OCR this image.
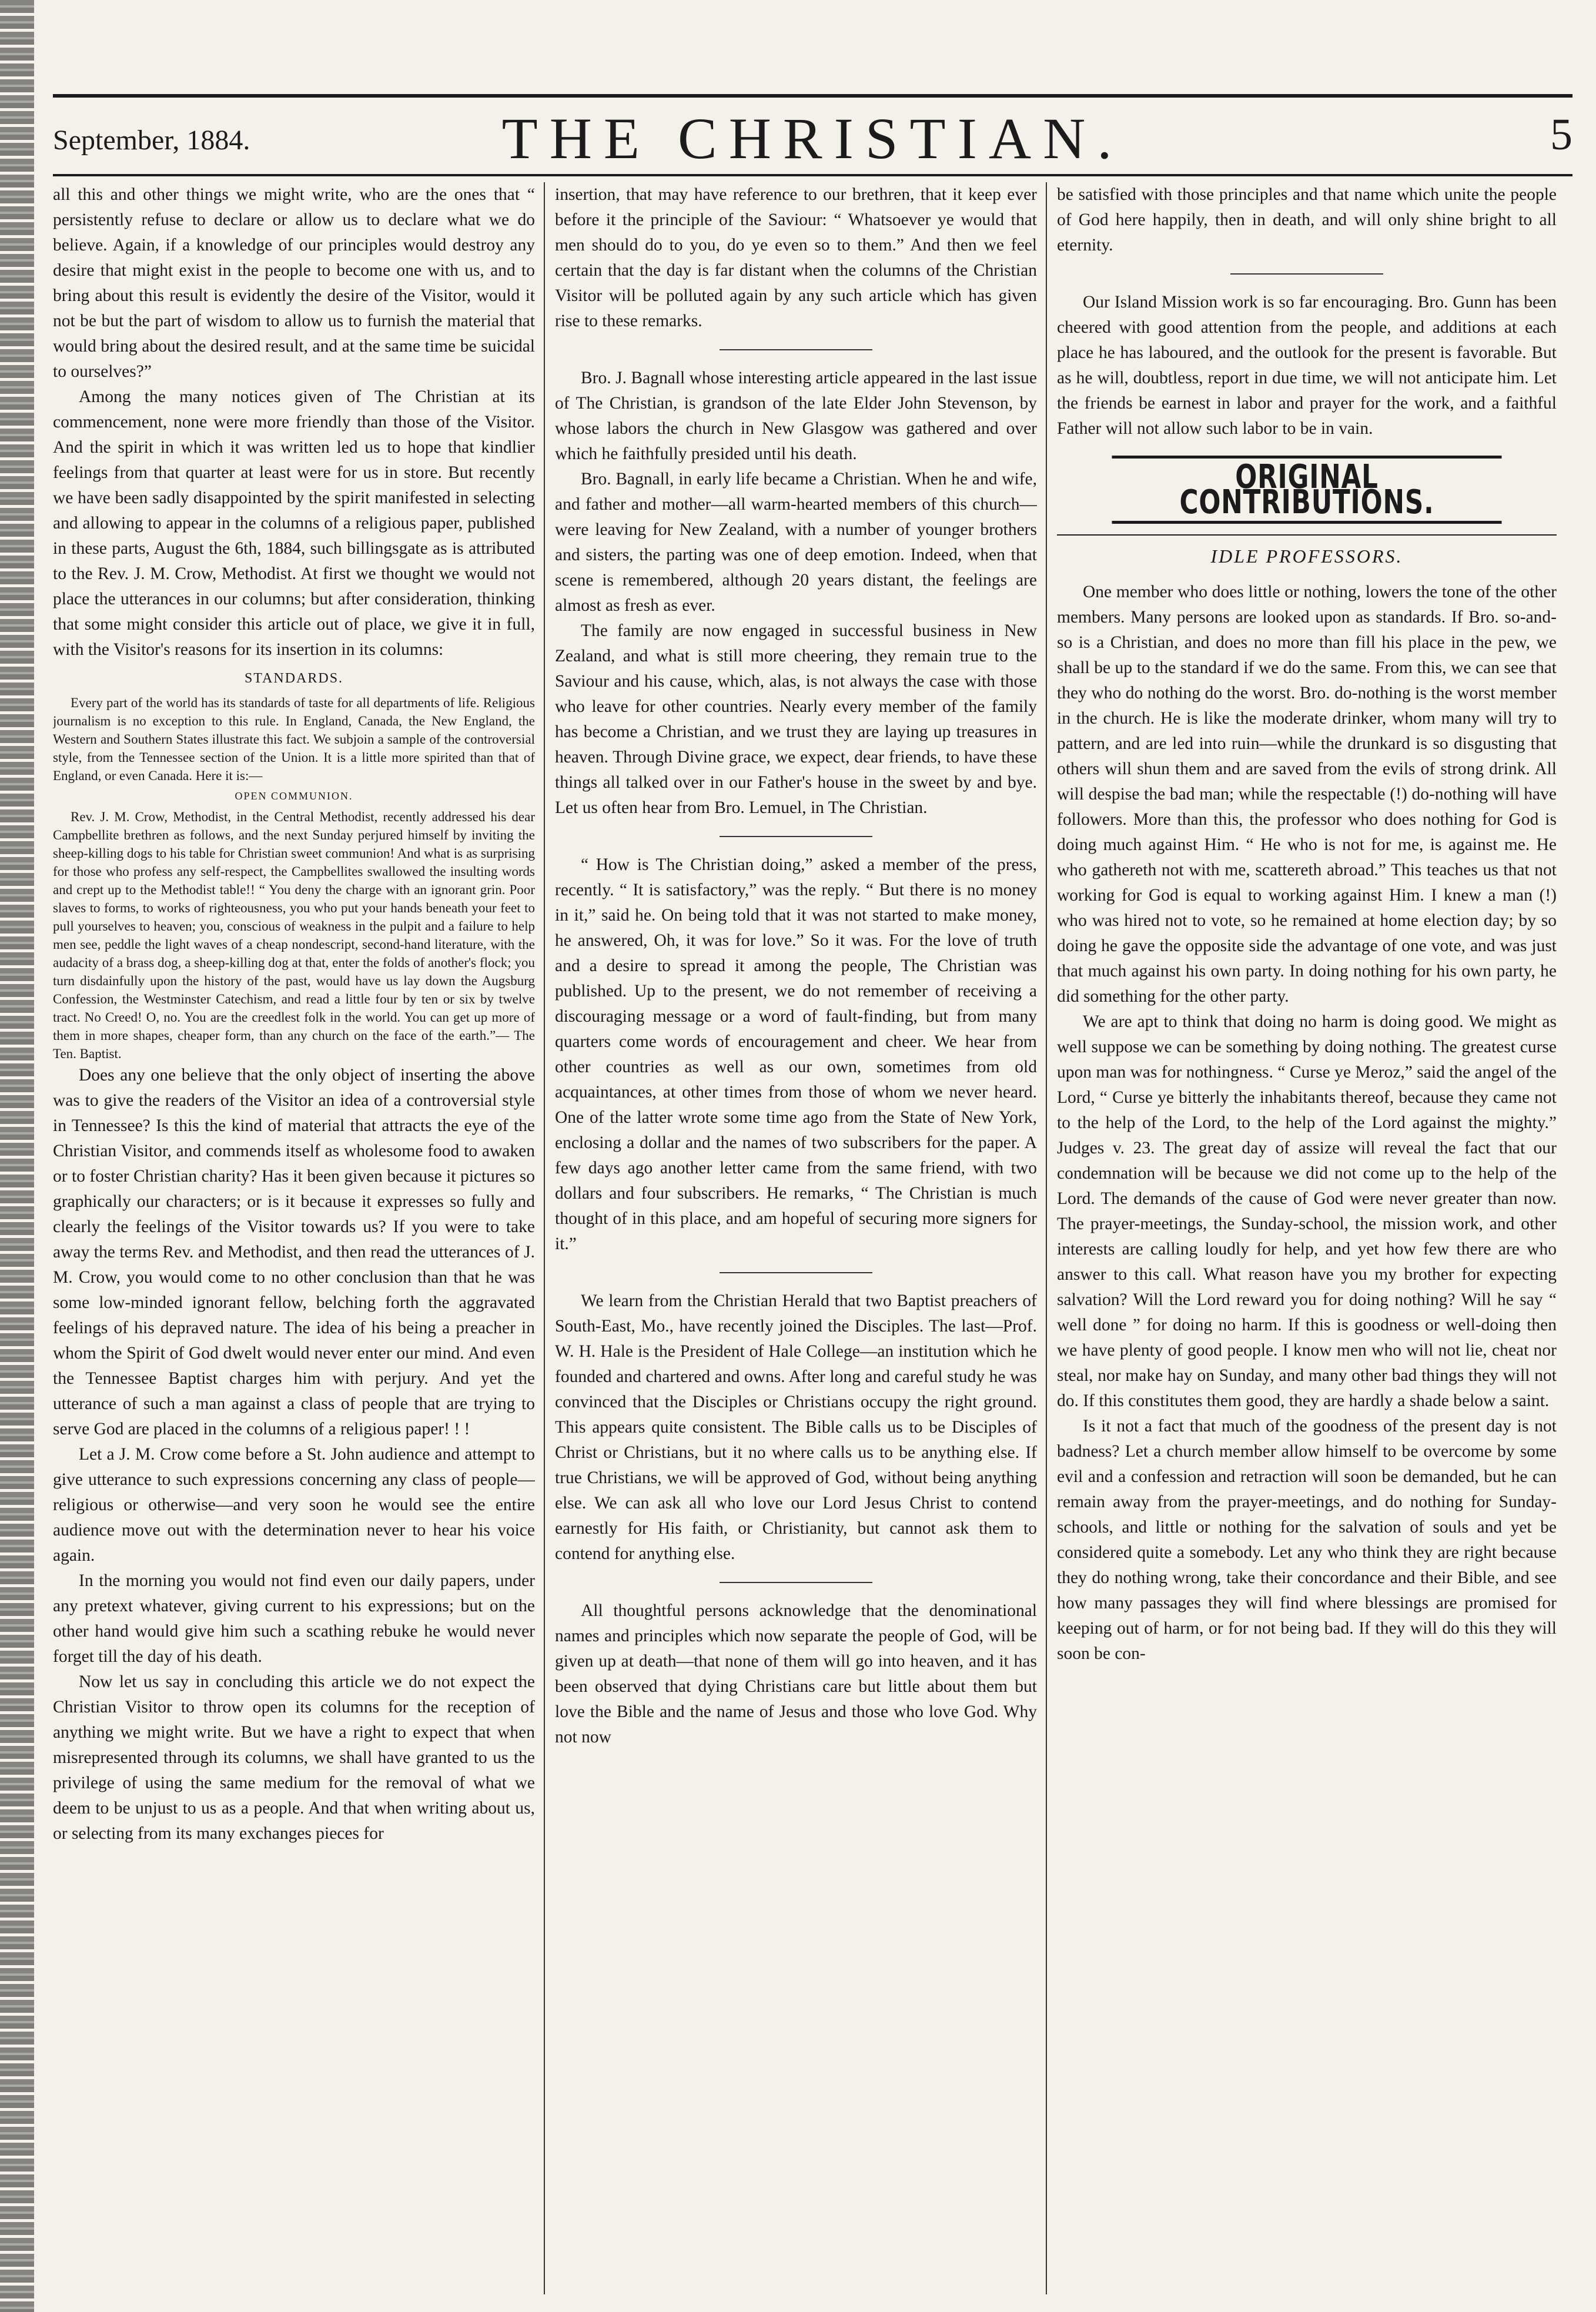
September, 1884.	THE CHRISTIAN.	5

all this and other things we might write, who are the ones that “ persistently refuse to declare or allow us to declare what we do believe. Again, if a knowledge of our principles would destroy any desire that might exist in the people to become one with us, and to bring about this result is evidently the desire of the Visitor, would it not be but the part of wisdom to allow us to furnish the material that would bring about the desired result, and at the same time be suicidal to ourselves?”

Among the many notices given of The Christian at its commencement, none were more friendly than those of the Visitor. And the spirit in which it was written led us to hope that kindlier feelings from that quarter at least were for us in store. But recently we have been sadly disappointed by the spirit manifested in selecting and allowing to appear in the columns of a religious paper, published in these parts, August the 6th, 1884, such billingsgate as is attributed to the Rev. J. M. Crow, Methodist. At first we thought we would not place the utterances in our columns; but after consideration, thinking that some might consider this article out of place, we give it in full, with the Visitor's reasons for its insertion in its columns:

STANDARDS.

Every part of the world has its standards of taste for all departments of life. Religious journalism is no exception to this rule. In England, Canada, the New England, the Western and Southern States illustrate this fact. We subjoin a sample of the controversial style, from the Tennessee section of the Union. It is a little more spirited than that of England, or even Canada. Here it is:—

OPEN COMMUNION.

Rev. J. M. Crow, Methodist, in the Central Methodist, recently addressed his dear Campbellite brethren as follows, and the next Sunday perjured himself by inviting the sheep-killing dogs to his table for Christian sweet communion! And what is as surprising for those who profess any self-respect, the Campbellites swallowed the insulting words and crept up to the Methodist table!! “ You deny the charge with an ignorant grin. Poor slaves to forms, to works of righteousness, you who put your hands beneath your feet to pull yourselves to heaven; you, conscious of weakness in the pulpit and a failure to help men see, peddle the light waves of a cheap nondescript, second-hand literature, with the audacity of a brass dog, a sheep-killing dog at that, enter the folds of another's flock; you turn disdainfully upon the history of the past, would have us lay down the Augsburg Confession, the Westminster Catechism, and read a little four by ten or six by twelve tract. No Creed! O, no. You are the creedlest folk in the world. You can get up more of them in more shapes, cheaper form, than any church on the face of the earth.”— The Ten. Baptist.

Does any one believe that the only object of inserting the above was to give the readers of the Visitor an idea of a controversial style in Tennessee? Is this the kind of material that attracts the eye of the Christian Visitor, and commends itself as wholesome food to awaken or to foster Christian charity? Has it been given because it pictures so graphically our characters; or is it because it expresses so fully and clearly the feelings of the Visitor towards us? If you were to take away the terms Rev. and Methodist, and then read the utterances of J. M. Crow, you would come to no other conclusion than that he was some low-minded ignorant fellow, belching forth the aggravated feelings of his depraved nature. The idea of his being a preacher in whom the Spirit of God dwelt would never enter our mind. And even the Tennessee Baptist charges him with perjury. And yet the utterance of such a man against a class of people that are trying to serve God are placed in the columns of a religious paper! ! !

Let a J. M. Crow come before a St. John audience and attempt to give utterance to such expressions concerning any class of people—religious or otherwise—and very soon he would see the entire audience move out with the determination never to hear his voice again.

In the morning you would not find even our daily papers, under any pretext whatever, giving current to his expressions; but on the other hand would give him such a scathing rebuke he would never forget till the day of his death.

Now let us say in concluding this article we do not expect the Christian Visitor to throw open its columns for the reception of anything we might write. But we have a right to expect that when misrepresented through its columns, we shall have granted to us the privilege of using the same medium for the removal of what we deem to be unjust to us as a people. And that when writing about us, or selecting from its many exchanges pieces for

insertion, that may have reference to our brethren, that it keep ever before it the principle of the Saviour: “ Whatsoever ye would that men should do to you, do ye even so to them.” And then we feel certain that the day is far distant when the columns of the Christian Visitor will be polluted again by any such article which has given rise to these remarks.

Bro. J. Bagnall whose interesting article appeared in the last issue of The Christian, is grandson of the late Elder John Stevenson, by whose labors the church in New Glasgow was gathered and over which he faithfully presided until his death.

Bro. Bagnall, in early life became a Christian. When he and wife, and father and mother—all warm-hearted members of this church—were leaving for New Zealand, with a number of younger brothers and sisters, the parting was one of deep emotion. Indeed, when that scene is remembered, although 20 years distant, the feelings are almost as fresh as ever.

The family are now engaged in successful business in New Zealand, and what is still more cheering, they remain true to the Saviour and his cause, which, alas, is not always the case with those who leave for other countries. Nearly every member of the family has become a Christian, and we trust they are laying up treasures in heaven. Through Divine grace, we expect, dear friends, to have these things all talked over in our Father's house in the sweet by and bye. Let us often hear from Bro. Lemuel, in The Christian.

“ How is The Christian doing,” asked a member of the press, recently. “ It is satisfactory,” was the reply. “ But there is no money in it,” said he. On being told that it was not started to make money, he answered, Oh, it was for love.” So it was. For the love of truth and a desire to spread it among the people, The Christian was published. Up to the present, we do not remember of receiving a discouraging message or a word of fault-finding, but from many quarters come words of encouragement and cheer. We hear from other countries as well as our own, sometimes from old acquaintances, at other times from those of whom we never heard. One of the latter wrote some time ago from the State of New York, enclosing a dollar and the names of two subscribers for the paper. A few days ago another letter came from the same friend, with two dollars and four subscribers. He remarks, “ The Christian is much thought of in this place, and am hopeful of securing more signers for it.”

We learn from the Christian Herald that two Baptist preachers of South-East, Mo., have recently joined the Disciples. The last—Prof. W. H. Hale is the President of Hale College—an institution which he founded and chartered and owns. After long and careful study he was convinced that the Disciples or Christians occupy the right ground. This appears quite consistent. The Bible calls us to be Disciples of Christ or Christians, but it no where calls us to be anything else. If true Christians, we will be approved of God, without being anything else. We can ask all who love our Lord Jesus Christ to contend earnestly for His faith, or Christianity, but cannot ask them to contend for anything else.

All thoughtful persons acknowledge that the denominational names and principles which now separate the people of God, will be given up at death—that none of them will go into heaven, and it has been observed that dying Christians care but little about them but love the Bible and the name of Jesus and those who love God. Why not now

be satisfied with those principles and that name which unite the people of God here happily, then in death, and will only shine bright to all eternity.

Our Island Mission work is so far encouraging. Bro. Gunn has been cheered with good attention from the people, and additions at each place he has laboured, and the outlook for the present is favorable. But as he will, doubtless, report in due time, we will not anticipate him. Let the friends be earnest in labor and prayer for the work, and a faithful Father will not allow such labor to be in vain.

ORIGINAL CONTRIBUTIONS.
IDLE PROFESSORS.

One member who does little or nothing, lowers the tone of the other members. Many persons are looked upon as standards. If Bro. so-and-so is a Christian, and does no more than fill his place in the pew, we shall be up to the standard if we do the same. From this, we can see that they who do nothing do the worst. Bro. do-nothing is the worst member in the church. He is like the moderate drinker, whom many will try to pattern, and are led into ruin—while the drunkard is so disgusting that others will shun them and are saved from the evils of strong drink. All will despise the bad man; while the respectable (!) do-nothing will have followers. More than this, the professor who does nothing for God is doing much against Him. “ He who is not for me, is against me. He who gathereth not with me, scattereth abroad.” This teaches us that not working for God is equal to working against Him. I knew a man (!) who was hired not to vote, so he remained at home election day; by so doing he gave the opposite side the advantage of one vote, and was just that much against his own party. In doing nothing for his own party, he did something for the other party.

We are apt to think that doing no harm is doing good. We might as well suppose we can be something by doing nothing. The greatest curse upon man was for nothingness. “ Curse ye Meroz,” said the angel of the Lord, “ Curse ye bitterly the inhabitants thereof, because they came not to the help of the Lord, to the help of the Lord against the mighty.” Judges v. 23. The great day of assize will reveal the fact that our condemnation will be because we did not come up to the help of the Lord. The demands of the cause of God were never greater than now. The prayer-meetings, the Sunday-school, the mission work, and other interests are calling loudly for help, and yet how few there are who answer to this call. What reason have you my brother for expecting salvation? Will the Lord reward you for doing nothing? Will he say “ well done ” for doing no harm. If this is goodness or well-doing then we have plenty of good people. I know men who will not lie, cheat nor steal, nor make hay on Sunday, and many other bad things they will not do. If this constitutes them good, they are hardly a shade below a saint.

Is it not a fact that much of the goodness of the present day is not badness? Let a church member allow himself to be overcome by some evil and a confession and retraction will soon be demanded, but he can remain away from the prayer-meetings, and do nothing for Sunday-schools, and little or nothing for the salvation of souls and yet be considered quite a somebody. Let any who think they are right because they do nothing wrong, take their concordance and their Bible, and see how many passages they will find where blessings are promised for keeping out of harm, or for not being bad. If they will do this they will soon be con-
